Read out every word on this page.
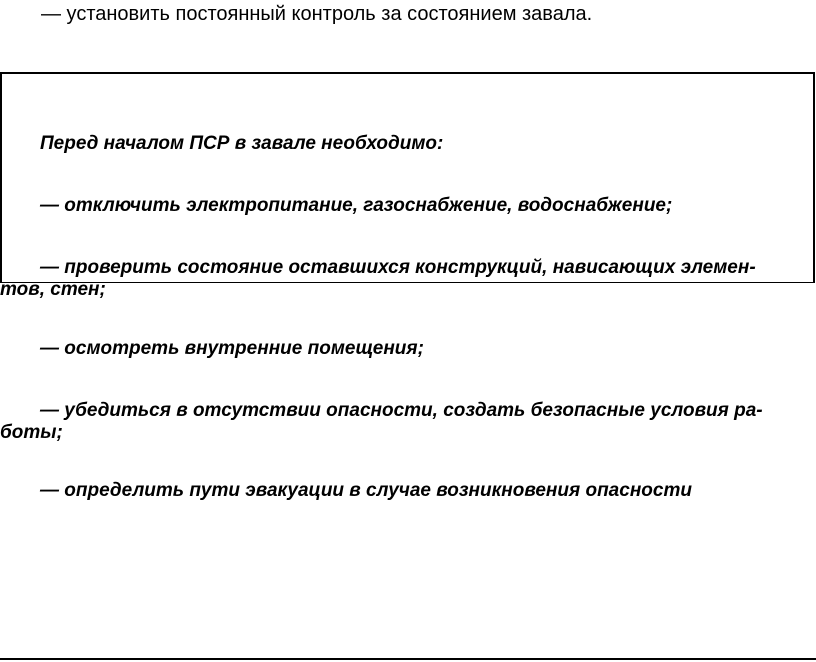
— установить постоянный контроль за состоянием завала.

Перед началом ПСР в завале необходимо:

— отключить электропитание, газоснабжение, водоснабжение;

— проверить состояние оставшихся конструкций, нависающих элемен-тов, стен;

— осмотреть внутренние помещения;

— убедиться в отсутствии опасности, создать безопасные условия ра-боты;

— определить пути эвакуации в случае возникновения опасности
